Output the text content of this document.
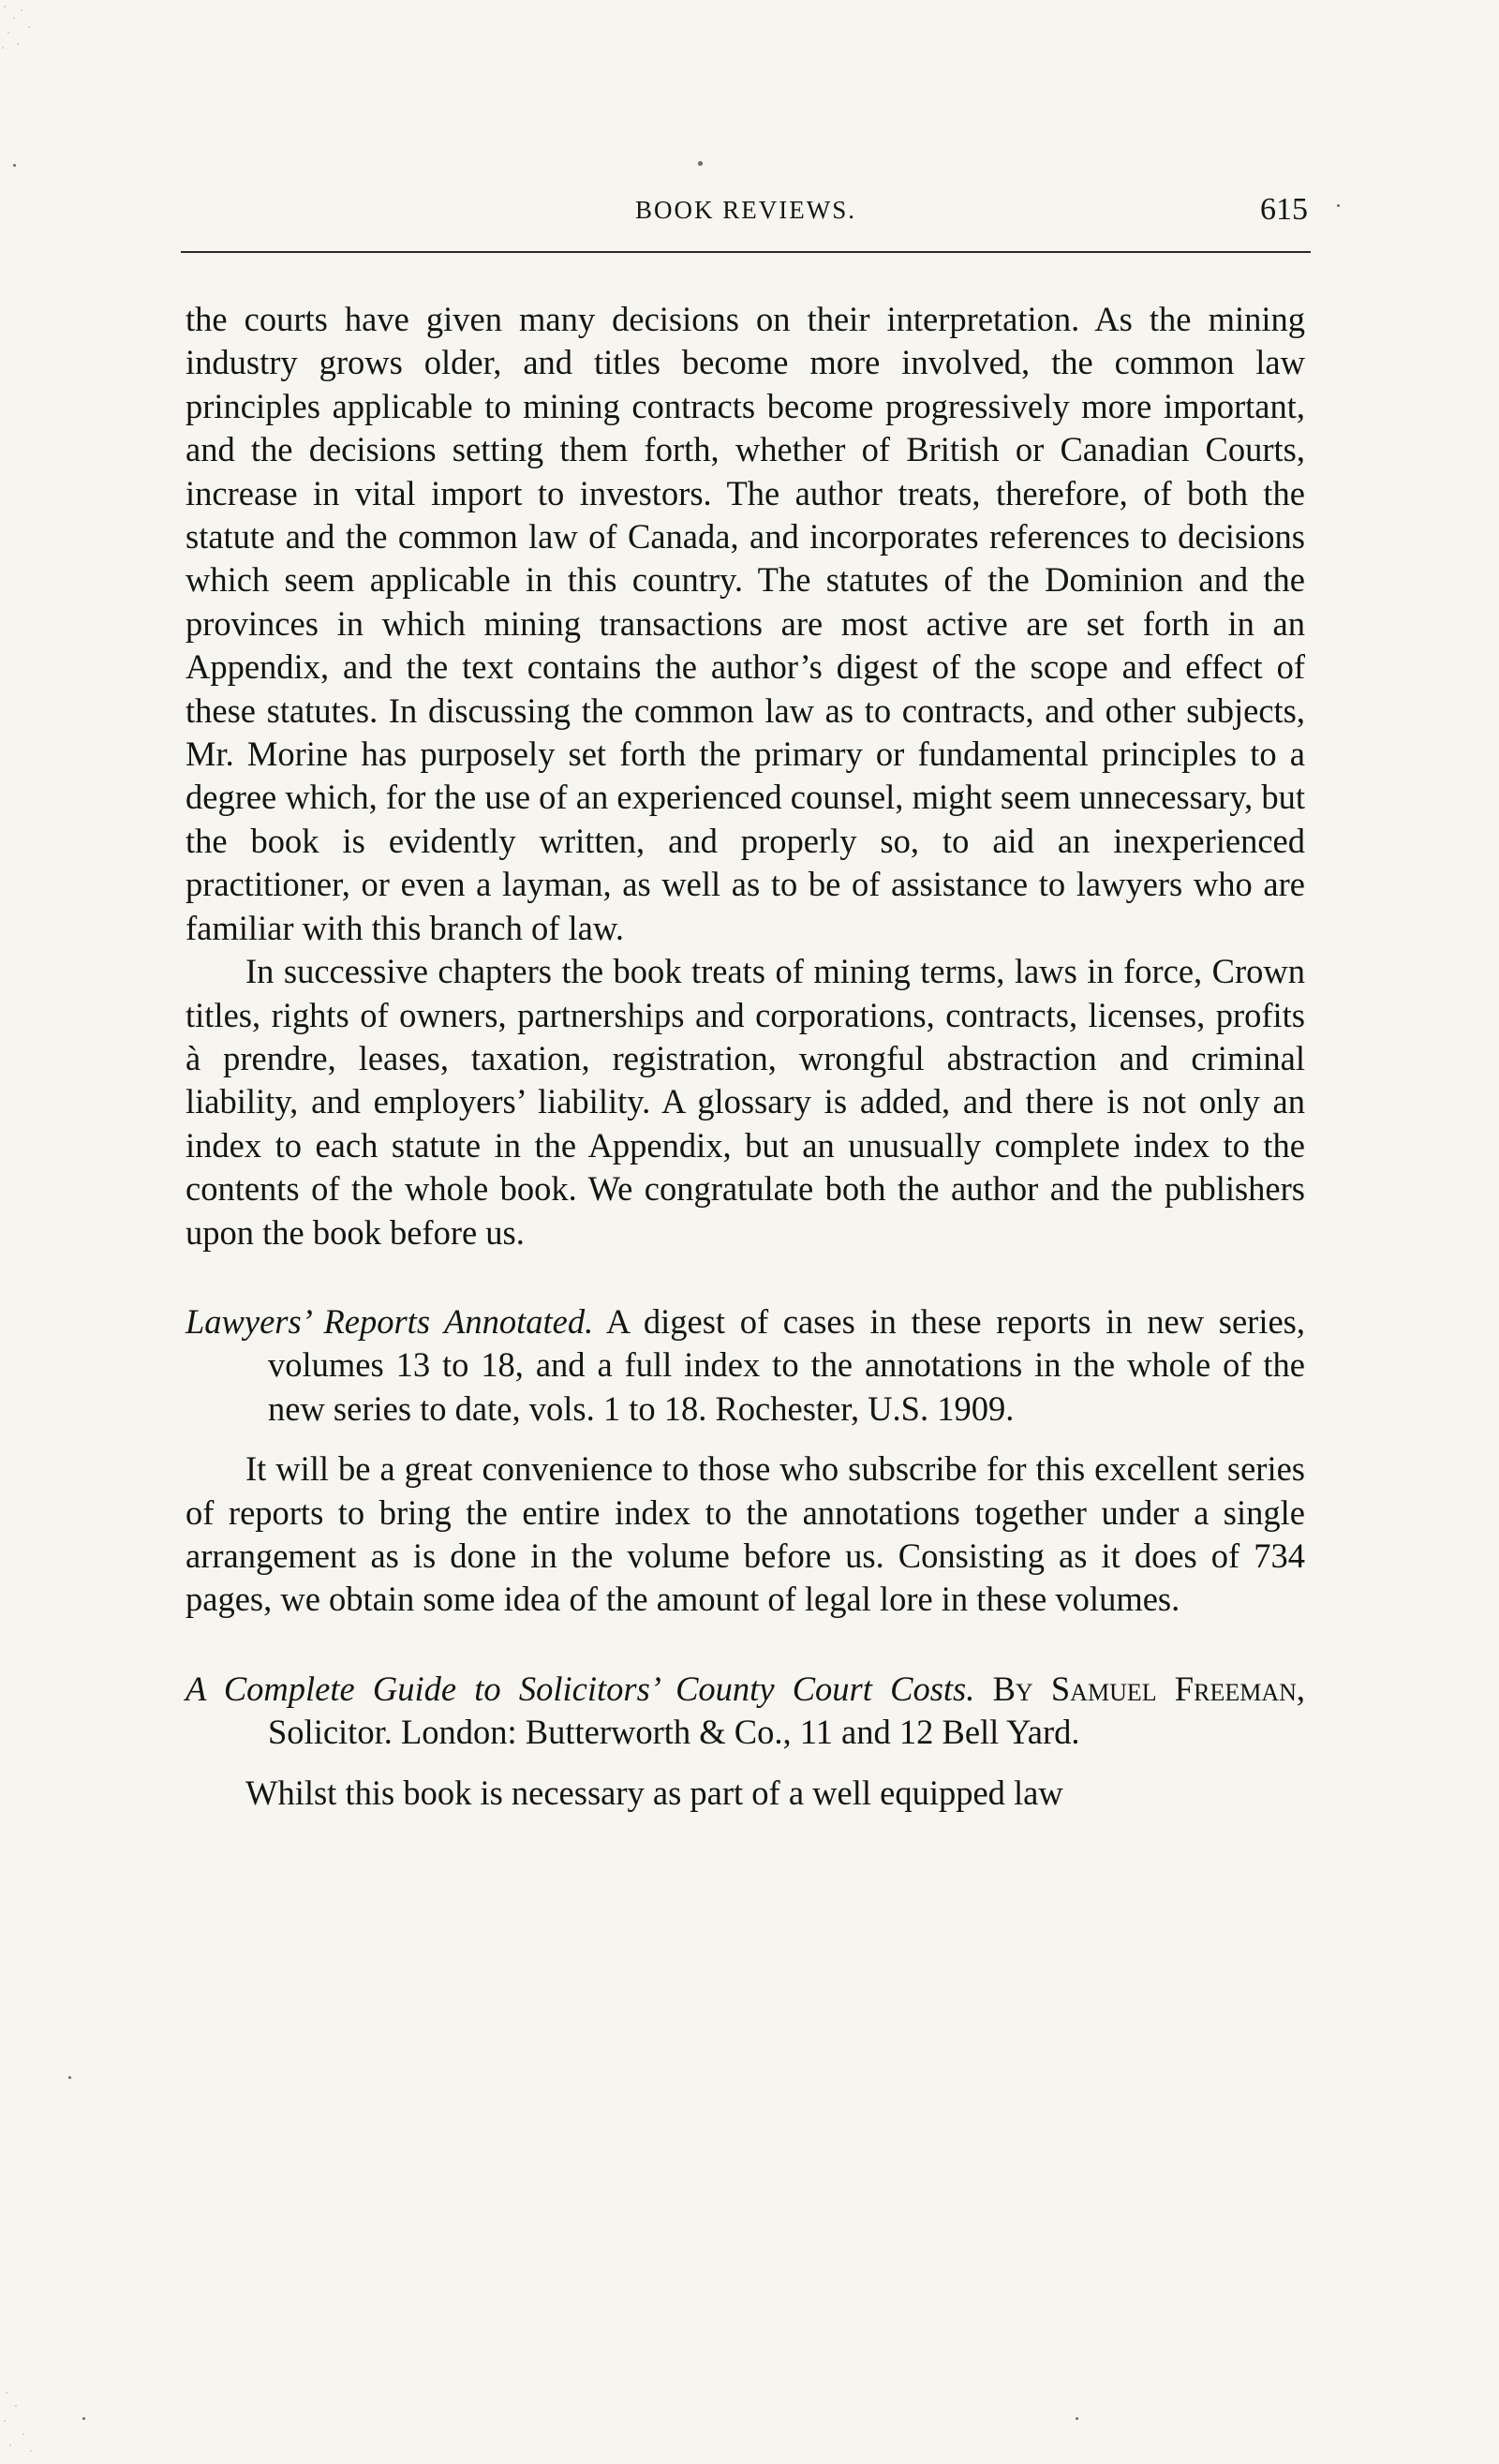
BOOK REVIEWS.	615

the courts have given many decisions on their interpretation. As the mining industry grows older, and titles become more involved, the common law principles applicable to mining contracts become progressively more important, and the decisions setting them forth, whether of British or Canadian Courts, increase in vital import to investors. The author treats, therefore, of both the statute and the common law of Canada, and incorporates references to decisions which seem applicable in this country. The statutes of the Dominion and the provinces in which mining transactions are most active are set forth in an Appendix, and the text contains the author’s digest of the scope and effect of these statutes. In discussing the common law as to contracts, and other subjects, Mr. Morine has purposely set forth the primary or fundamental principles to a degree which, for the use of an experienced counsel, might seem unnecessary, but the book is evidently written, and properly so, to aid an inexperienced practitioner, or even a layman, as well as to be of assistance to lawyers who are familiar with this branch of law.

In successive chapters the book treats of mining terms, laws in force, Crown titles, rights of owners, partnerships and corporations, contracts, licenses, profits à prendre, leases, taxation, registration, wrongful abstraction and criminal liability, and employers’ liability. A glossary is added, and there is not only an index to each statute in the Appendix, but an unusually complete index to the contents of the whole book. We congratulate both the author and the publishers upon the book before us.

Lawyers’ Reports Annotated. A digest of cases in these reports in new series, volumes 13 to 18, and a full index to the annotations in the whole of the new series to date, vols. 1 to 18. Rochester, U.S. 1909.

It will be a great convenience to those who subscribe for this excellent series of reports to bring the entire index to the annotations together under a single arrangement as is done in the volume before us. Consisting as it does of 734 pages, we obtain some idea of the amount of legal lore in these volumes.

A Complete Guide to Solicitors’ County Court Costs. By Samuel Freeman, Solicitor. London: Butterworth & Co., 11 and 12 Bell Yard.

Whilst this book is necessary as part of a well equipped law
